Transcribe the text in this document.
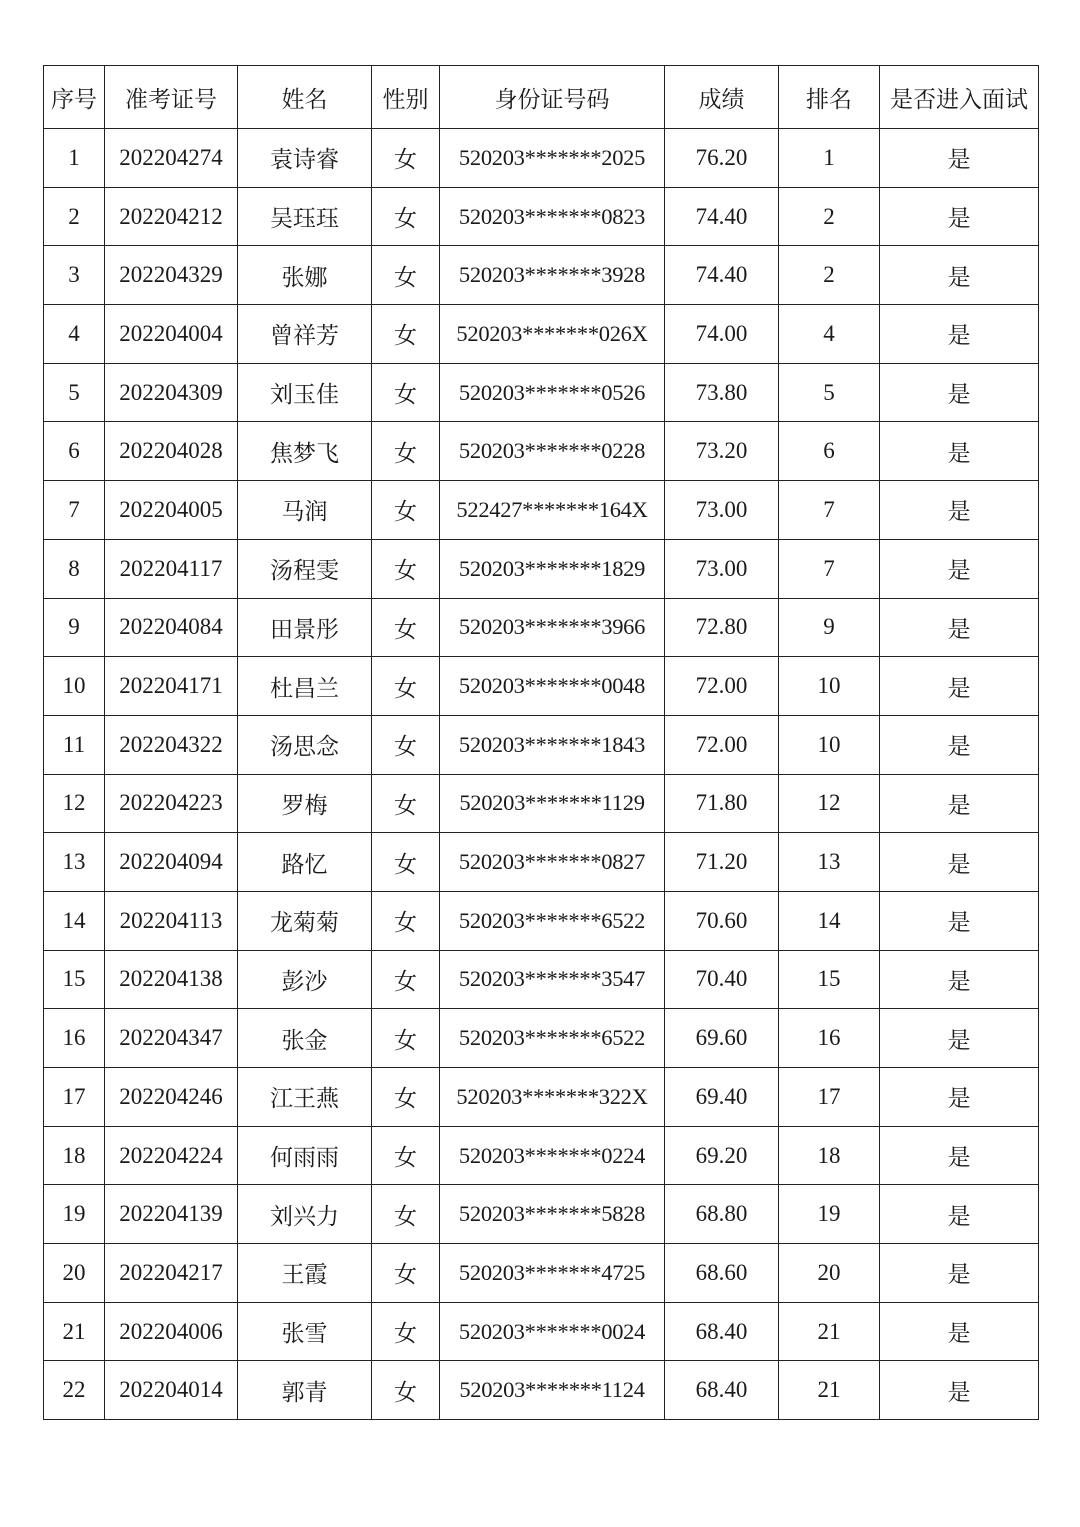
序号	准考证号	姓名	性别	身份证号码	成绩	排名	是否进入面试
1	202204274	袁诗睿	女	520203*******2025	76.20	1	是
2	202204212	吴珏珏	女	520203*******0823	74.40	2	是
3	202204329	张娜	女	520203*******3928	74.40	2	是
4	202204004	曾祥芳	女	520203*******026X	74.00	4	是
5	202204309	刘玉佳	女	520203*******0526	73.80	5	是
6	202204028	焦梦飞	女	520203*******0228	73.20	6	是
7	202204005	马润	女	522427*******164X	73.00	7	是
8	202204117	汤程雯	女	520203*******1829	73.00	7	是
9	202204084	田景彤	女	520203*******3966	72.80	9	是
10	202204171	杜昌兰	女	520203*******0048	72.00	10	是
11	202204322	汤思念	女	520203*******1843	72.00	10	是
12	202204223	罗梅	女	520203*******1129	71.80	12	是
13	202204094	路忆	女	520203*******0827	71.20	13	是
14	202204113	龙菊菊	女	520203*******6522	70.60	14	是
15	202204138	彭沙	女	520203*******3547	70.40	15	是
16	202204347	张金	女	520203*******6522	69.60	16	是
17	202204246	江王燕	女	520203*******322X	69.40	17	是
18	202204224	何雨雨	女	520203*******0224	69.20	18	是
19	202204139	刘兴力	女	520203*******5828	68.80	19	是
20	202204217	王霞	女	520203*******4725	68.60	20	是
21	202204006	张雪	女	520203*******0024	68.40	21	是
22	202204014	郭青	女	520203*******1124	68.40	21	是
